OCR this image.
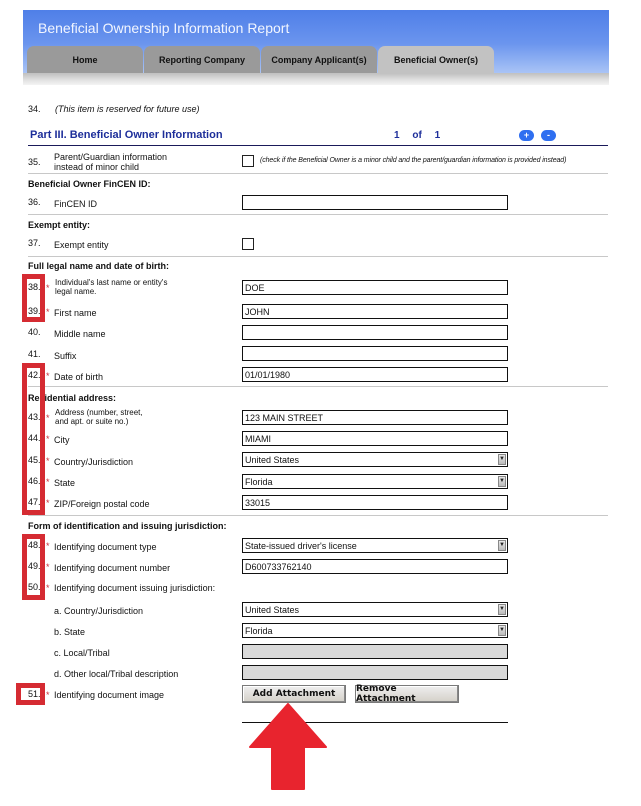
Beneficial Ownership Information Report
Home	Reporting Company	Company Applicant(s)	Beneficial Owner(s)
34. (This item is reserved for future use)
Part III. Beneficial Owner Information	1 of 1	+ -
35. Parent/Guardian information
instead of minor child
(check if the Beneficial Owner is a minor child and the parent/guardian information is provided instead)
Beneficial Owner FinCEN ID:
36. FinCEN ID
Exempt entity:
37. Exempt entity
Full legal name and date of birth:
38. *
Individual's last name or entity's
legal name.	DOE
39. * First name	JOHN
40. Middle name
41. Suffix
42. * Date of birth	01/01/1980
Residential address:
43. *
Address (number, street,
and apt. or suite no.)	123 MAIN STREET
44. * City	MIAMI
45. * Country/Jurisdiction	United States	▼
46. * State	Florida	▼
47. * ZIP/Foreign postal code	33015
Form of identification and issuing jurisdiction:
48. * Identifying document type	State-issued driver's license	▼
49. * Identifying document number	D600733762140
50. * Identifying document issuing jurisdiction:
a. Country/Jurisdiction	United States	▼
b. State	Florida	▼
c. Local/Tribal
d. Other local/Tribal description
51. * Identifying document image	Add Attachment	Remove Attachment
